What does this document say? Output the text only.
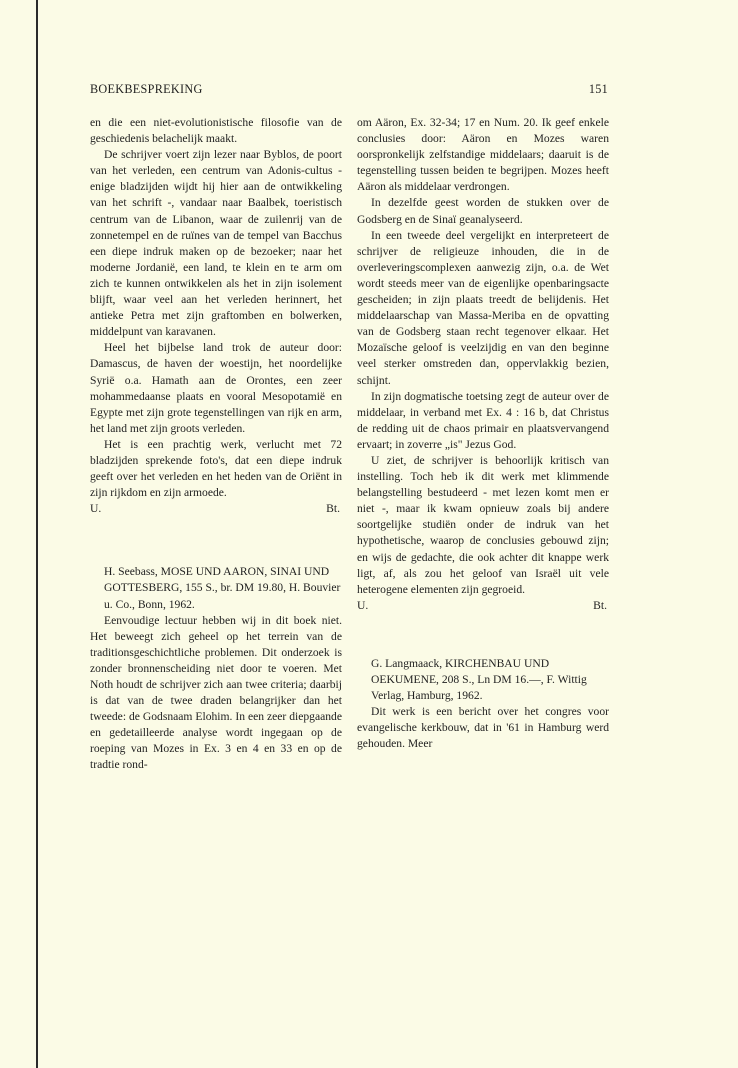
BOEKBESPREKING	151

en die een niet-evolutionistische filosofie van de geschiedenis belachelijk maakt.

De schrijver voert zijn lezer naar Byblos, de poort van het verleden, een centrum van Adonis-cultus - enige bladzijden wijdt hij hier aan de ontwikkeling van het schrift -, vandaar naar Baalbek, toeristisch centrum van de Libanon, waar de zuilenrij van de zonnetempel en de ruïnes van de tempel van Bacchus een diepe indruk maken op de bezoeker; naar het moderne Jordanië, een land, te klein en te arm om zich te kunnen ontwikkelen als het in zijn isolement blijft, waar veel aan het verleden herinnert, het antieke Petra met zijn graftomben en bolwerken, middelpunt van karavanen.

Heel het bijbelse land trok de auteur door: Damascus, de haven der woestijn, het noordelijke Syrië o.a. Hamath aan de Orontes, een zeer mohammedaanse plaats en vooral Mesopotamië en Egypte met zijn grote tegenstellingen van rijk en arm, het land met zijn groots verleden.

Het is een prachtig werk, verlucht met 72 bladzijden sprekende foto's, dat een diepe indruk geeft over het verleden en het heden van de Oriënt in zijn rijkdom en zijn armoede.

U.	Bt.

H. Seebass, MOSE UND AARON, SINAI UND GOTTESBERG, 155 S., br. DM 19.80, H. Bouvier u. Co., Bonn, 1962.

Eenvoudige lectuur hebben wij in dit boek niet. Het beweegt zich geheel op het terrein van de traditionsgeschichtliche problemen. Dit onderzoek is zonder bronnenscheiding niet door te voeren. Met Noth houdt de schrijver zich aan twee criteria; daarbij is dat van de twee draden belangrijker dan het tweede: de Godsnaam Elohim. In een zeer diepgaande en gedetailleerde analyse wordt ingegaan op de roeping van Mozes in Ex. 3 en 4 en 33 en op de tradtie rond-

om Aäron, Ex. 32-34; 17 en Num. 20. Ik geef enkele conclusies door: Aäron en Mozes waren oorspronkelijk zelfstandige middelaars; daaruit is de tegenstelling tussen beiden te begrijpen. Mozes heeft Aäron als middelaar verdrongen.

In dezelfde geest worden de stukken over de Godsberg en de Sinaï geanalyseerd.

In een tweede deel vergelijkt en interpreteert de schrijver de religieuze inhouden, die in de overleveringscomplexen aanwezig zijn, o.a. de Wet wordt steeds meer van de eigenlijke openbaringsacte gescheiden; in zijn plaats treedt de belijdenis. Het middelaarschap van Massa-Meriba en de opvatting van de Godsberg staan recht tegenover elkaar. Het Mozaïsche geloof is veelzijdig en van den beginne veel sterker omstreden dan, oppervlakkig bezien, schijnt.

In zijn dogmatische toetsing zegt de auteur over de middelaar, in verband met Ex. 4 : 16 b, dat Christus de redding uit de chaos primair en plaatsvervangend ervaart; in zoverre „is" Jezus God.

U ziet, de schrijver is behoorlijk kritisch van instelling. Toch heb ik dit werk met klimmende belangstelling bestudeerd - met lezen komt men er niet -, maar ik kwam opnieuw zoals bij andere soortgelijke studiën onder de indruk van het hypothetische, waarop de conclusies gebouwd zijn; en wijs de gedachte, die ook achter dit knappe werk ligt, af, als zou het geloof van Israël uit vele heterogene elementen zijn gegroeid.

U.	Bt.

G. Langmaack, KIRCHENBAU UND OEKUMENE, 208 S., Ln DM 16.—, F. Wittig Verlag, Hamburg, 1962.

Dit werk is een bericht over het congres voor evangelische kerkbouw, dat in '61 in Hamburg werd gehouden. Meer
